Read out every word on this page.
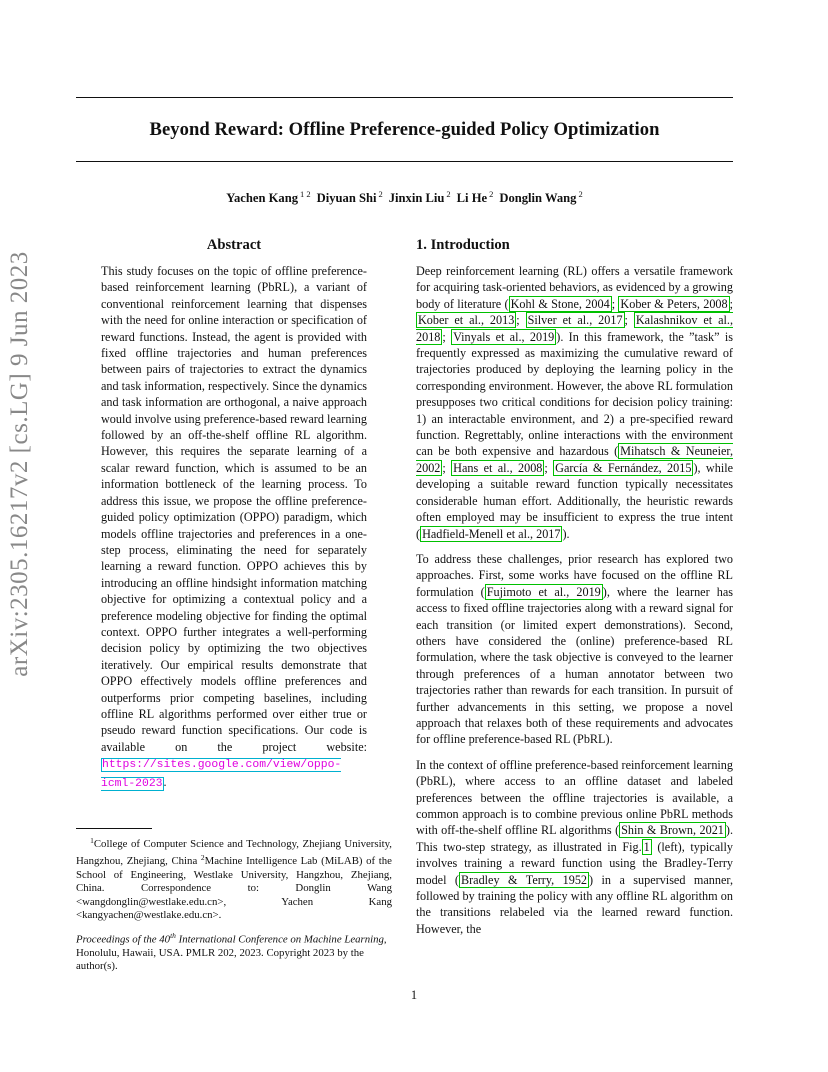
Beyond Reward: Offline Preference-guided Policy Optimization
Yachen Kang $^{1 2}$ Diyuan Shi $^2$ Jinxin Liu $^2$ Li He $^2$ Donglin Wang $^2$
arXiv:2305.16217v2 [cs.LG] 9 Jun 2023
Abstract
This study focuses on the topic of offline preference-based reinforcement learning (PbRL), a variant of conventional reinforcement learning that dispenses with the need for online interaction or specification of reward functions. Instead, the agent is provided with fixed offline trajectories and human preferences between pairs of trajectories to extract the dynamics and task information, respectively. Since the dynamics and task information are orthogonal, a naive approach would involve using preference-based reward learning followed by an off-the-shelf offline RL algorithm. However, this requires the separate learning of a scalar reward function, which is assumed to be an information bottleneck of the learning process. To address this issue, we propose the offline preference-guided policy optimization (OPPO) paradigm, which models offline trajectories and preferences in a one-step process, eliminating the need for separately learning a reward function. OPPO achieves this by introducing an offline hindsight information matching objective for optimizing a contextual policy and a preference modeling objective for finding the optimal context. OPPO further integrates a well-performing decision policy by optimizing the two objectives iteratively. Our empirical results demonstrate that OPPO effectively models offline preferences and outperforms prior competing baselines, including offline RL algorithms performed over either true or pseudo reward function specifications. Our code is available on the project website: https://sites.google.com/view/oppo-icml-2023.
$^1$College of Computer Science and Technology, Zhejiang University, Hangzhou, Zhejiang, China $^2$Machine Intelligence Lab (MiLAB) of the School of Engineering, Westlake University, Hangzhou, Zhejiang, China. Correspondence to: Donglin Wang <wangdonglin@westlake.edu.cn>, Yachen Kang <kangyachen@westlake.edu.cn>.
Proceedings of the 40th International Conference on Machine Learning, Honolulu, Hawaii, USA. PMLR 202, 2023. Copyright 2023 by the author(s).
1. Introduction

Deep reinforcement learning (RL) offers a versatile framework for acquiring task-oriented behaviors, as evidenced by a growing body of literature ( Kohl & Stone, 2004 ; Kober & Peters, 2008 ; Kober et al., 2013 ; Silver et al., 2017 ; Kalashnikov et al., 2018 ; Vinyals et al., 2019 ). In this framework, the ”task” is frequently expressed as maximizing the cumulative reward of trajectories produced by deploying the learning policy in the corresponding environment. However, the above RL formulation presupposes two critical conditions for decision policy training: 1) an interactable environment, and 2) a pre-specified reward function. Regrettably, online interactions with the environment can be both expensive and hazardous ( Mihatsch & Neuneier, 2002 ; Hans et al., 2008 ; García & Fernández, 2015 ), while developing a suitable reward function typically necessitates considerable human effort. Additionally, the heuristic rewards often employed may be insufficient to express the true intent ( Hadfield-Menell et al., 2017 ).

To address these challenges, prior research has explored two approaches. First, some works have focused on the offline RL formulation ( Fujimoto et al., 2019 ), where the learner has access to fixed offline trajectories along with a reward signal for each transition (or limited expert demonstrations). Second, others have considered the (online) preference-based RL formulation, where the task objective is conveyed to the learner through preferences of a human annotator between two trajectories rather than rewards for each transition. In pursuit of further advancements in this setting, we propose a novel approach that relaxes both of these requirements and advocates for offline preference-based RL (PbRL).

In the context of offline preference-based reinforcement learning (PbRL), where access to an offline dataset and labeled preferences between the offline trajectories is available, a common approach is to combine previous online PbRL methods with off-the-shelf offline RL algorithms ( Shin & Brown, 2021 ). This two-step strategy, as illustrated in Fig. 1 (left), typically involves training a reward function using the Bradley-Terry model ( Bradley & Terry, 1952 ) in a supervised manner, followed by training the policy with any offline RL algorithm on the transitions relabeled via the learned reward function. However, the

1
